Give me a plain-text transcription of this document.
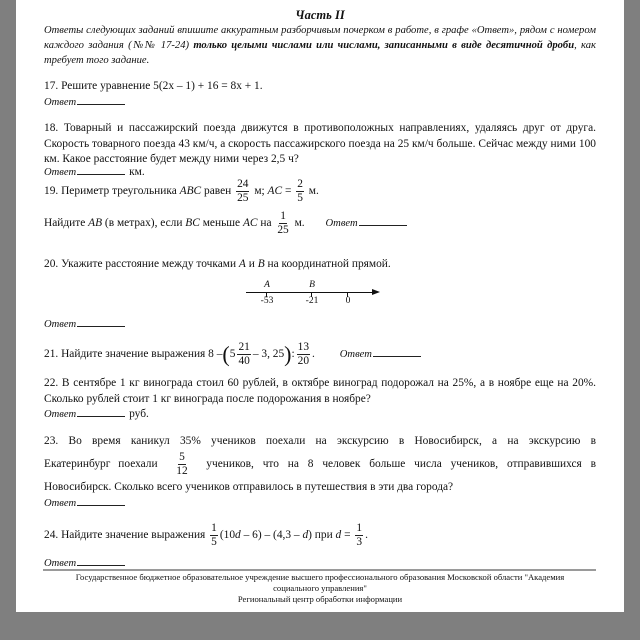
Часть II
Ответы следующих заданий впишите аккуратным разборчивым почерком в работе, в графе «Ответ», рядом с номером каждого задания (№№ 17-24) только целыми числами или числами, записанными в виде десятичной дроби, как требует того задание.
17. Решите уравнение 5(2x – 1) + 16 = 8x + 1.
Ответ
18. Товарный и пассажирский поезда движутся в противоположных направлениях, удаляясь друг от друга. Скорость товарного поезда 43 км/ч, а скорость пассажирского поезда на 25 км/ч больше. Сейчас между ними 100 км. Какое расстояние будет между ними через 2,5 ч?
Ответ	км.
19. Периметр треугольника ABC равен $\frac{24}{25} м$; AC = $\frac{2}{5} м$.
Найдите AB (в метрах), если BC меньше AC на $\frac{1}{25} м$. Ответ
20. Укажите расстояние между точками A и B на координатной прямой.
A	B
-53	-21	0
Ответ
21. Найдите значение выражения 8 $-(5 \frac{21}{40} - 3$, 25): $\frac{13}{20}$ . Ответ
22. В сентябре 1 кг винограда стоил 60 рублей, в октябре виноград подорожал на 25%, а в ноябре еще на 20%. Сколько рублей стоит 1 кг винограда после подорожания в ноябре?
Ответ	руб.
23. Во время каникул 35% учеников поехали на экскурсию в Новосибирск, а на экскурсию в
Екатеринбург поехали $\frac{5}{12}$ учеников, что на 8 человек больше числа учеников, отправившихся в
Новосибирск. Сколько всего учеников отправилось в путешествия в эти два города?
Ответ
24. Найдите значение выражения $\frac{1}{5} (10d - 6) - (4,3 - d)$ при $d = \frac{1}{3}$ .
Ответ
Государственное бюджетное образовательное учреждение высшего профессионального образования Московской области "Академия социального управления"
Региональный центр обработки информации
